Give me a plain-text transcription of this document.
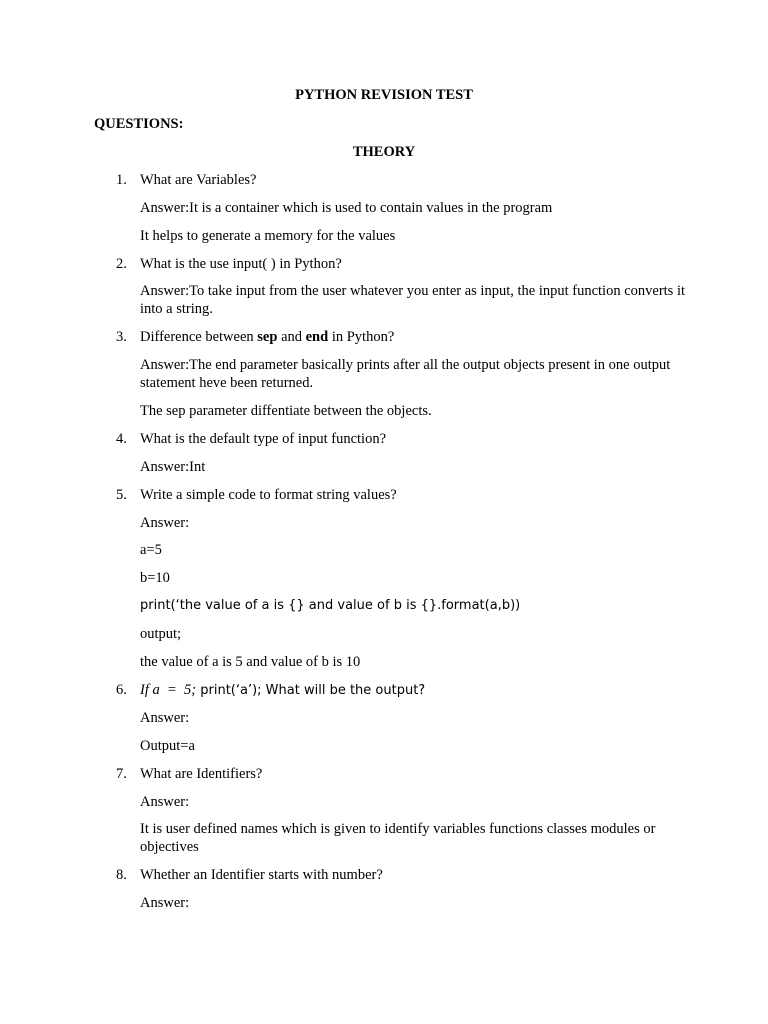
PYTHON REVISION TEST
QUESTIONS:
THEORY
1. What are Variables?
Answer:It is a container which is used to contain values in the program
It helps to generate a memory for the values
2. What is the use input( ) in Python?
Answer:To take input from the user whatever you enter as input, the input function converts it into a string.
3. Difference between sep and end in Python?
Answer:The end parameter basically prints after all the output objects present in one output statement heve been returned.
The sep parameter diffentiate between the objects.
4. What is the default type of input function?
Answer:Int
5. Write a simple code to format string values?
Answer:
a=5
b=10
print(‘the value of a is {} and value of b is {}.format(a,b))
output;
the value of a is 5 and value of b is 10
6. If a  =  5; print(‘a’); What will be the output?
Answer:
Output=a
7. What are Identifiers?
Answer:
It is user defined names which is given to identify variables functions classes modules or objectives
8. Whether an Identifier starts with number?
Answer:
